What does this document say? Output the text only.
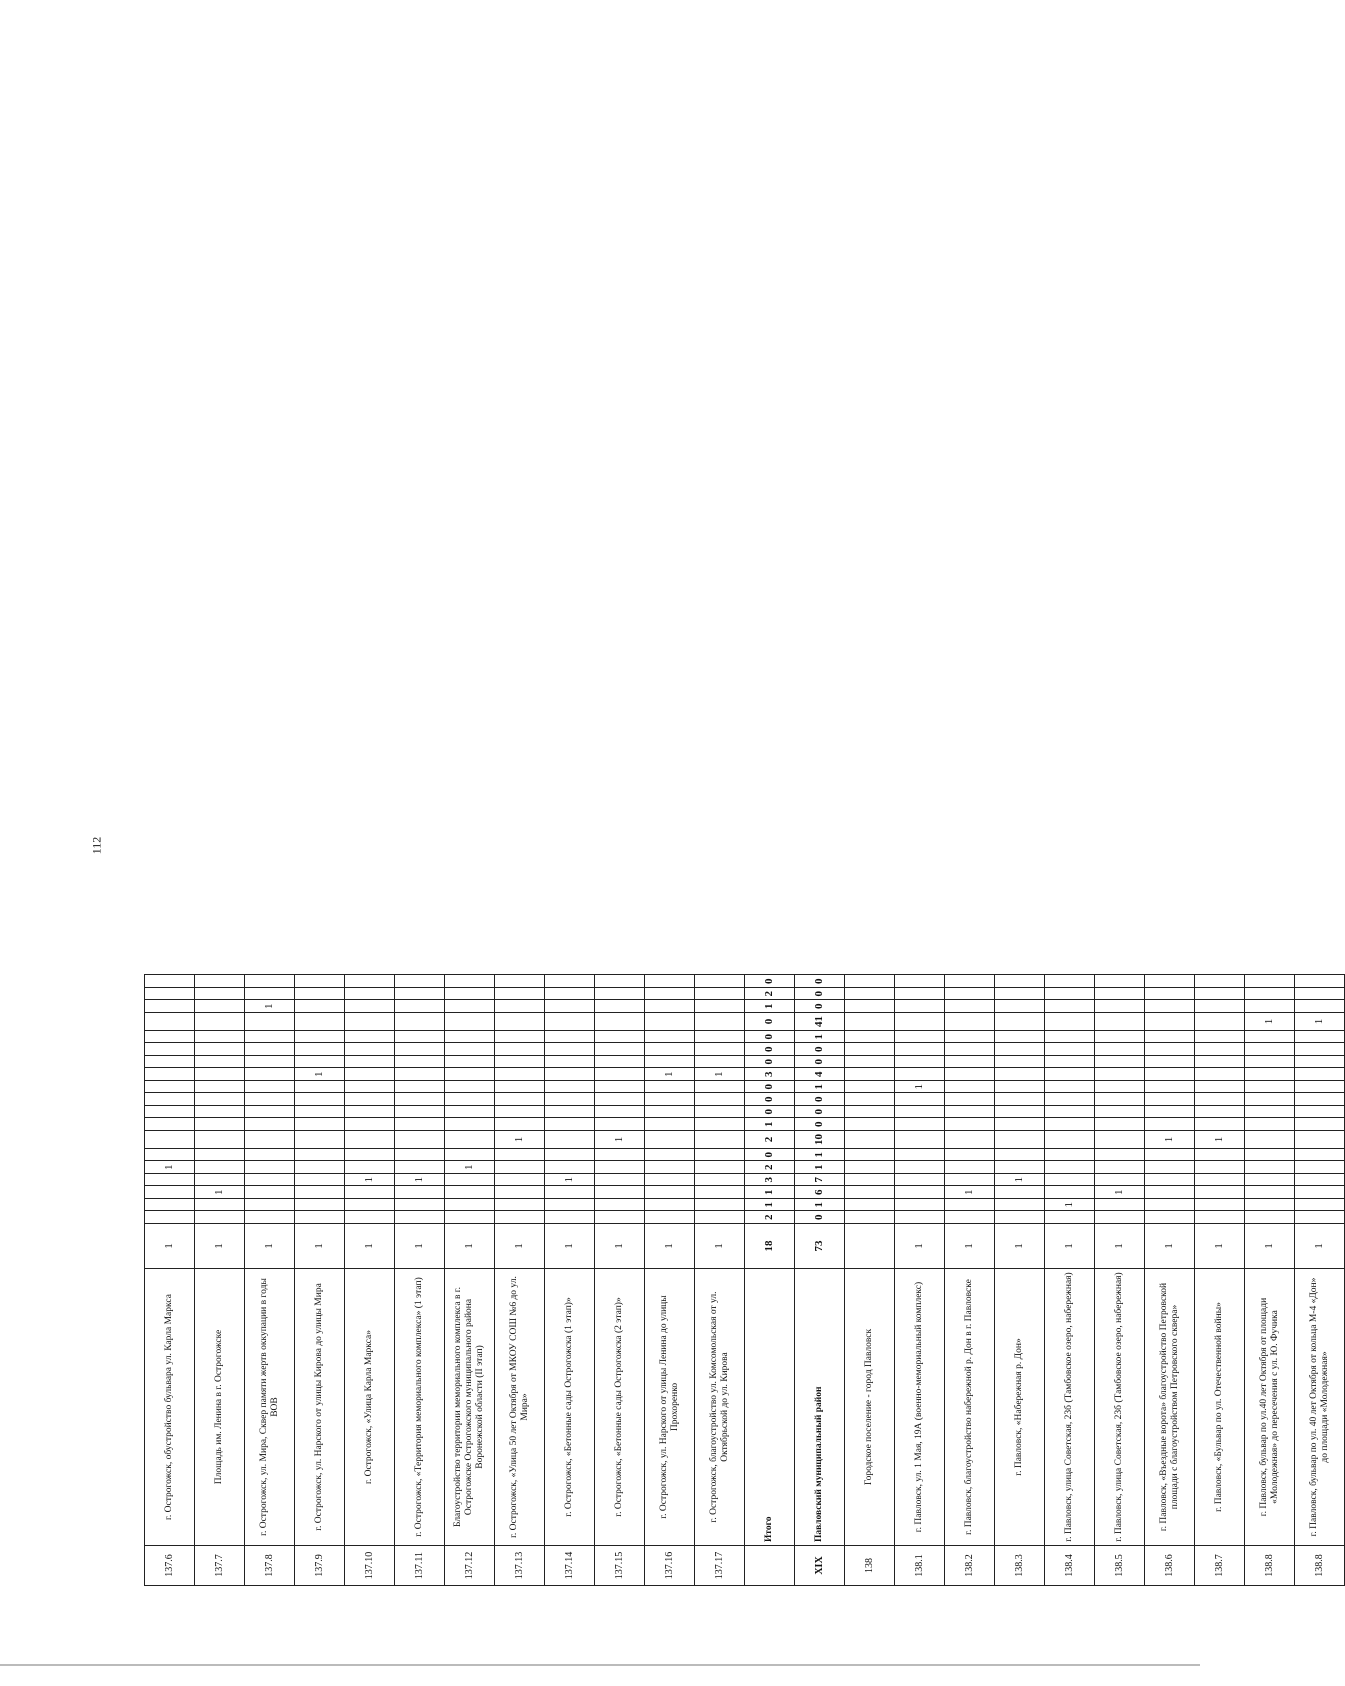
112
137.6	г. Острогожск, обустройство бульвара ул. Карла Маркса	1					1														
137.7	Площадь им. Ленина в г. Острогожске	1			1																
137.8	г. Острогожск, ул. Мира, Сквер памяти жертв оккупации в годы ВОВ	1																	1		
137.9	г. Острогожск, ул. Нарского от улицы Кирова до улицы Мира	1												1							
137.10	г. Острогожск, «Улица Карла Маркса»	1				1															
137.11	г. Острогожск, «Территория мемориального комплекса» (1 этап)	1				1															
137.12	Благоустройство территории мемориального комплекса в г. Острогожске Острогожского муниципального района Воронежской области (II этап)	1					1														
137.13	г. Острогожск, «Улица 50 лет Октября от МКОУ СОШ №6 до ул. Мира»	1							1												
137.14	г. Острогожск, «Бетонные сады Острогожска (1 этап)»	1				1															
137.15	г. Острогожск, «Бетонные сады Острогожска (2 этап)»	1							1												
137.16	г. Острогожск, ул. Нарского от улицы Ленина до улицы Прохоренко	1												1							
137.17	г. Острогожск, благоустройство ул. Комсомольская от ул. Октябрьской до ул. Кирова	1												1							
	Итого	18	2	1	1	3	2	0	2	1	0	0	0	3	0	0	0	0	1	2	0
XIX	Павловский муниципальный район	73	0	1	6	7	1	1	10	0	0	0	1	4	0	0	1	41	0	0	0
138	Городское поселение - город Павловск																				
138.1	г. Павловск, ул. 1 Мая, 19А (военно-мемориальный комплекс)	1											1								
138.2	г. Павловск, благоустройство набережной р. Дон в г. Павловске	1			1																
138.3	г. Павловск, «Набережная р. Дон»	1				1															
138.4	г. Павловск, улица Советская, 23б (Тамбовское озеро, набережная)	1		1																	
138.5	г. Павловск, улица Советская, 23б (Тамбовское озеро, набережная)	1			1																
138.6	г. Павловск, «Въездные ворота» благоустройство Петровской площади с благоустройством Петровского сквера»	1							1												
138.7	г. Павловск, «Бульвар по ул. Отечественной войны»	1							1												
138.8	г. Павловск, бульвар по ул.40 лет Октября от площади «Молодежная» до пересечения с ул. Ю. Фучика	1																1			
138.8	г. Павловск, бульвар по ул. 40 лет Октября от кольца М-4 «Дон» до площади «Молодежная»	1																1			
